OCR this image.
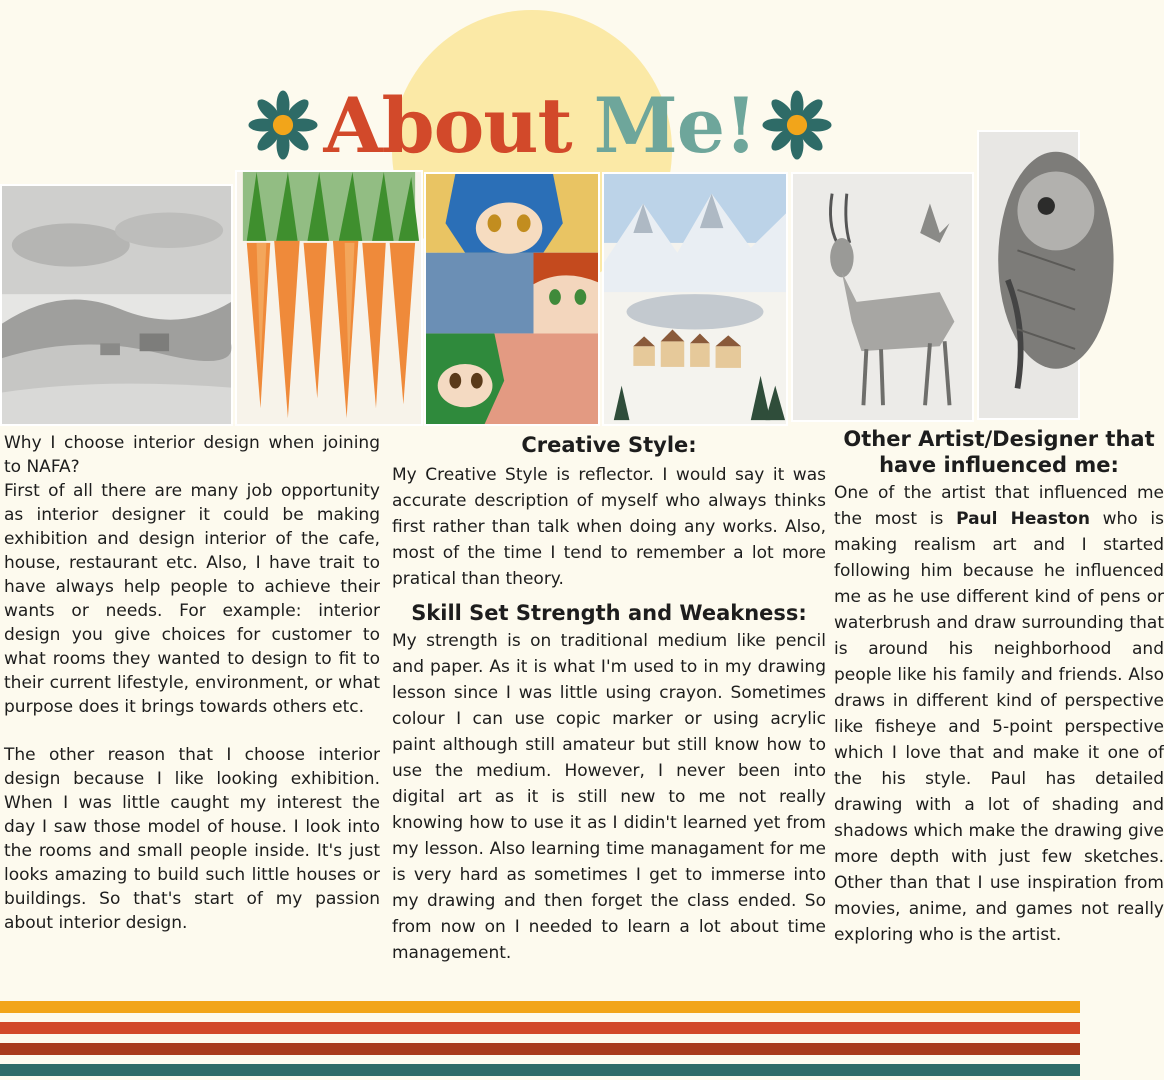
About Me!

Why I choose interior design when joining to NAFA?

First of all there are many job opportunity as interior designer it could be making exhibition and design interior of the cafe, house, restaurant etc. Also, I have trait to have always help people to achieve their wants or needs. For example: interior design you give choices for customer to what rooms they wanted to design to fit to their current lifestyle, environment, or what purpose does it brings towards others etc.

The other reason that I choose interior design because I like looking exhibition. When I was little caught my interest the day I saw those model of house. I look into the rooms and small people inside. It's just looks amazing to build such little houses or buildings. So that's start of my passion about interior design.

Creative Style:

My Creative Style is reflector. I would say it was accurate description of myself who always thinks first rather than talk when doing any works. Also, most of the time I tend to remember a lot more pratical than theory.

Skill Set Strength and Weakness:

My strength is on traditional medium like pencil and paper. As it is what I'm used to in my drawing lesson since I was little using crayon. Sometimes colour I can use copic marker or using acrylic paint although still amateur but still know how to use the medium. However, I never been into digital art as it is still new to me not really knowing how to use it as I didin't learned yet from my lesson. Also learning time managament for me is very hard as sometimes I get to immerse into my drawing and then forget the class ended. So from now on I needed to learn a lot about time management.

Other Artist/Designer that have influenced me:

One of the artist that influenced me the most is Paul Heaston who is making realism art and I started following him because he influenced me as he use different kind of pens or waterbrush and draw surrounding that is around his neighborhood and people like his family and friends. Also draws in different kind of perspective like fisheye and 5-point perspective which I love that and make it one of the his style. Paul has detailed drawing with a lot of shading and shadows which make the drawing give more depth with just few sketches. Other than that I use inspiration from movies, anime, and games not really exploring who is the artist.
